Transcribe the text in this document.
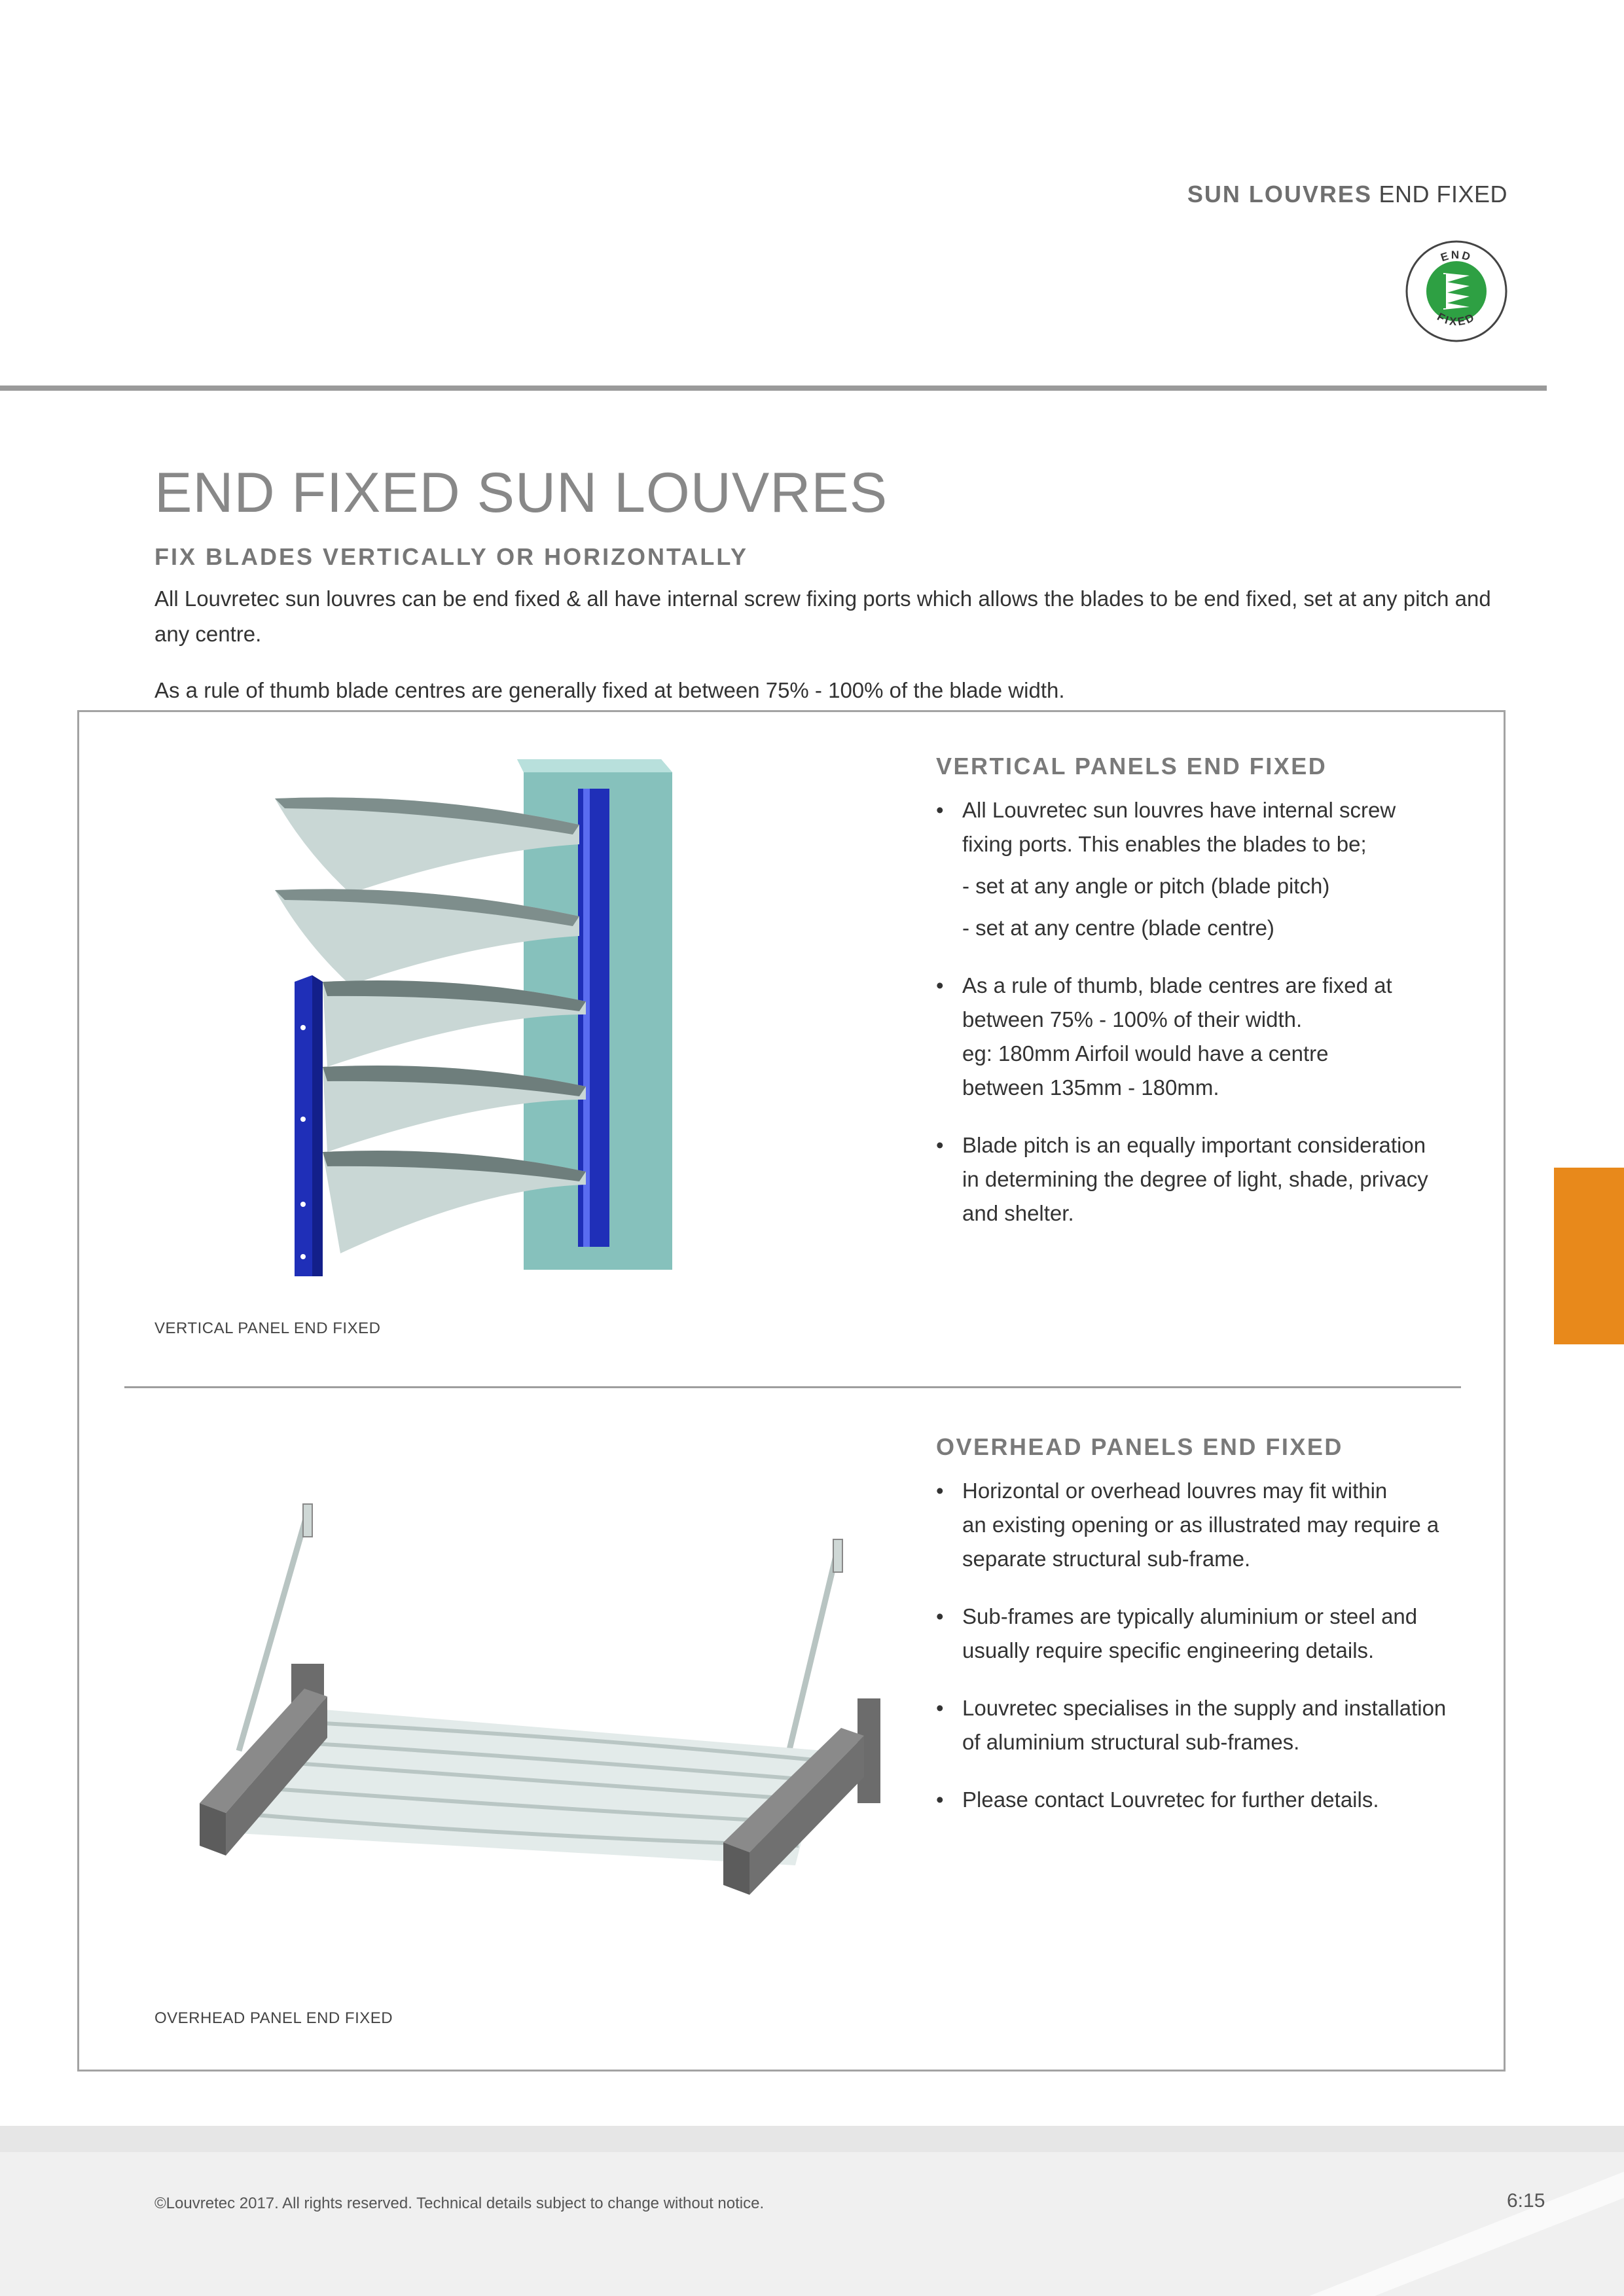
SUN LOUVRES END FIXED
END
FIXED
END FIXED SUN LOUVRES
FIX BLADES VERTICALLY OR HORIZONTALLY

All Louvretec sun louvres can be end fixed & all have internal screw fixing ports which allows the blades to be end fixed, set at any pitch and any centre.

As a rule of thumb blade centres are generally fixed at between 75% - 100% of the blade width.

VERTICAL PANELS END FIXED
• All Louvretec sun louvres have internal screw
fixing ports. This enables the blades to be;
- set at any angle or pitch (blade pitch)
- set at any centre (blade centre)
• As a rule of thumb, blade centres are fixed at
between 75% - 100% of their width.
eg: 180mm Airfoil would have a centre
between 135mm - 180mm.
• Blade pitch is an equally important consideration
in determining the degree of light, shade, privacy
and shelter.
VERTICAL PANEL END FIXED
OVERHEAD PANELS END FIXED
• Horizontal or overhead louvres may fit within
an existing opening or as illustrated may require a
separate structural sub-frame.
• Sub-frames are typically aluminium or steel and
usually require specific engineering details.
• Louvretec specialises in the supply and installation
of aluminium structural sub-frames.
• Please contact Louvretec for further details.
OVERHEAD PANEL END FIXED
©Louvretec 2017. All rights reserved. Technical details subject to change without notice.	6:15
